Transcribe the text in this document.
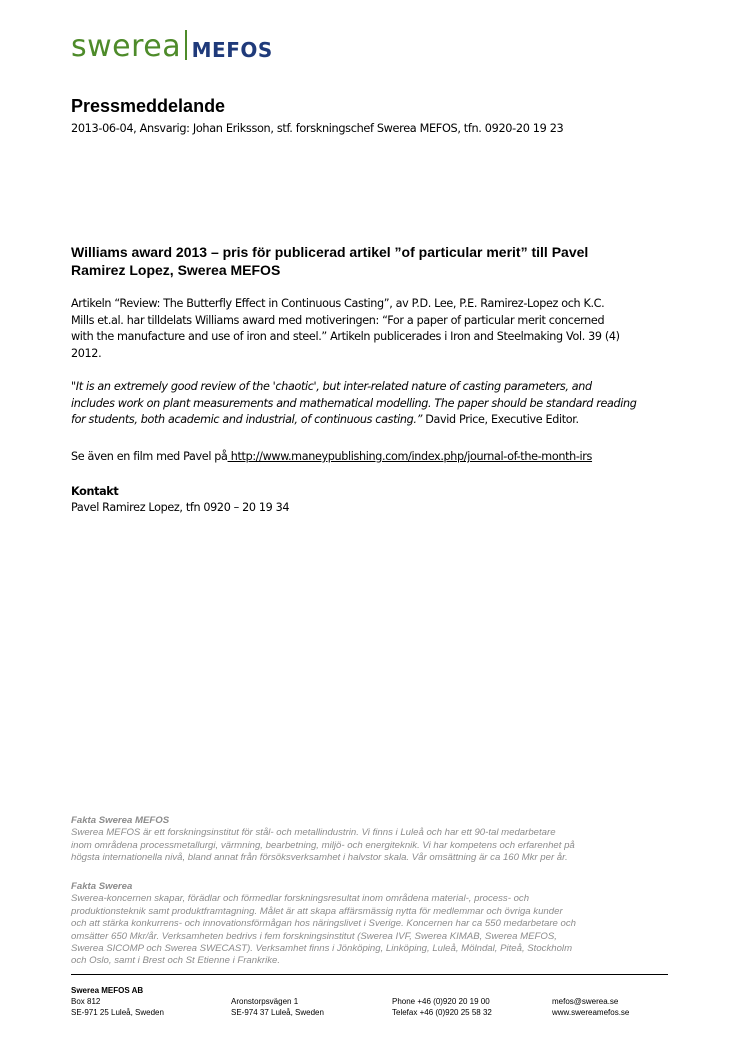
swerea MEFOS
Pressmeddelande
2013-06-04, Ansvarig: Johan Eriksson, stf. forskningschef Swerea MEFOS, tfn. 0920-20 19 23
Williams award 2013 – pris för publicerad artikel ”of particular merit” till Pavel
Ramirez Lopez, Swerea MEFOS
Artikeln “Review: The Butterfly Effect in Continuous Casting”, av P.D. Lee, P.E. Ramirez-Lopez och K.C.
Mills et.al. har tilldelats Williams award med motiveringen: “For a paper of particular merit concerned
with the manufacture and use of iron and steel.” Artikeln publicerades i Iron and Steelmaking Vol. 39 (4)
2012.
"It is an extremely good review of the 'chaotic', but inter-related nature of casting parameters, and
includes work on plant measurements and mathematical modelling. The paper should be standard reading
for students, both academic and industrial, of continuous casting.” David Price, Executive Editor.
Se även en film med Pavel på http://www.maneypublishing.com/index.php/journal-of-the-month-irs
Kontakt
Pavel Ramirez Lopez, tfn 0920 – 20 19 34
Fakta Swerea MEFOS
Swerea MEFOS är ett forskningsinstitut för stål- och metallindustrin. Vi finns i Luleå och har ett 90-tal medarbetare
inom områdena processmetallurgi, värmning, bearbetning, miljö- och energiteknik. Vi har kompetens och erfarenhet på
högsta internationella nivå, bland annat från försöksverksamhet i halvstor skala. Vår omsättning är ca 160 Mkr per år.
Fakta Swerea
Swerea-koncernen skapar, förädlar och förmedlar forskningsresultat inom områdena material-, process- och
produktionsteknik samt produktframtagning. Målet är att skapa affärsmässig nytta för medlemmar och övriga kunder
och att stärka konkurrens- och innovationsförmågan hos näringslivet i Sverige. Koncernen har ca 550 medarbetare och
omsätter 650 Mkr/år. Verksamheten bedrivs i fem forskningsinstitut (Swerea IVF, Swerea KIMAB, Swerea MEFOS,
Swerea SICOMP och Swerea SWECAST). Verksamhet finns i Jönköping, Linköping, Luleå, Mölndal, Piteå, Stockholm
och Oslo, samt i Brest och St Etienne i Frankrike.
Swerea MEFOS AB
Box 812
SE-971 25 Luleå, Sweden
Aronstorpsvägen 1
SE-974 37 Luleå, Sweden
Phone +46 (0)920 20 19 00
Telefax +46 (0)920 25 58 32
mefos@swerea.se
www.swereamefos.se
